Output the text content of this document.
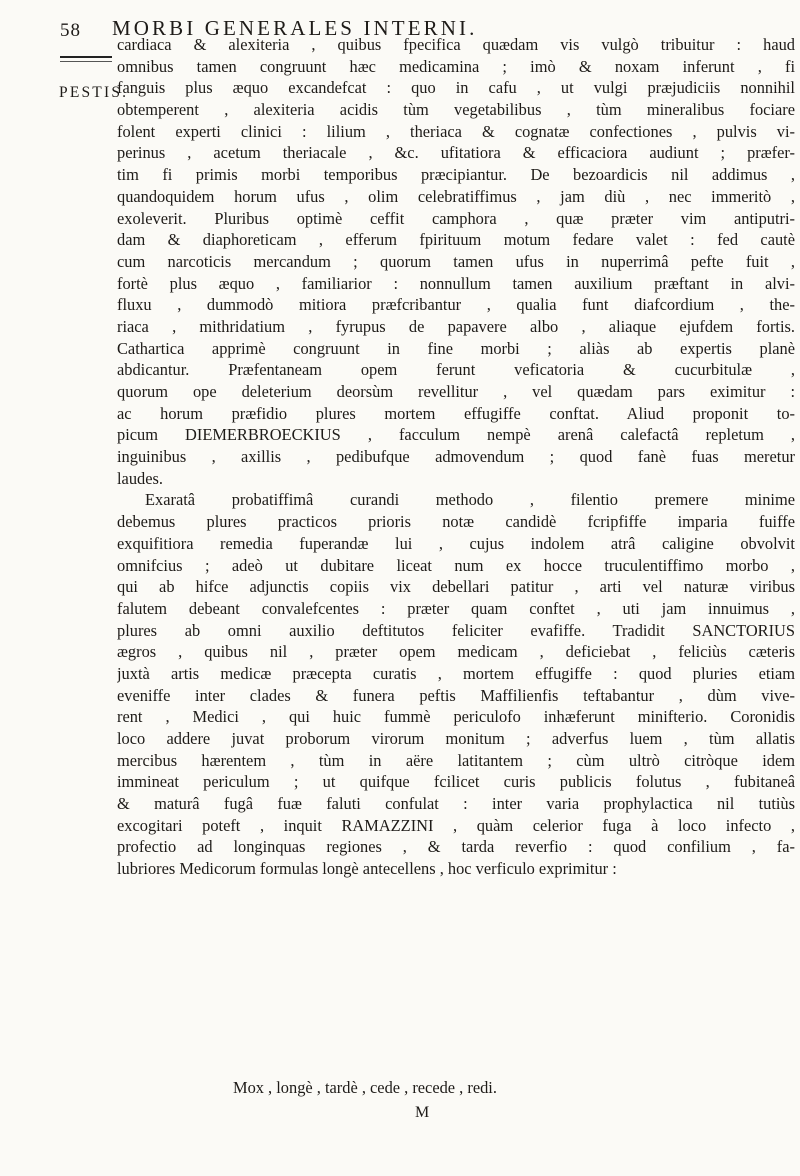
58 MORBI GENERALES INTERNI.
PESTIS.
cardiaca & alexiteria , quibus fpecifica quædam vis vulgò tribuitur : haud
omnibus tamen congruunt hæc medicamina ; imò & noxam inferunt , fi
fanguis plus æquo excandefcat : quo in cafu , ut vulgi præjudiciis nonnihil
obtemperent , alexiteria acidis tùm vegetabilibus , tùm mineralibus fociare
folent experti clinici : lilium , theriaca & cognatæ confectiones , pulvis vi-
perinus , acetum theriacale , &c. ufitatiora & efficaciora audiunt ; præfer-
tim fi primis morbi temporibus præcipiantur. De bezoardicis nil addimus ,
quandoquidem horum ufus , olim celebratiffimus , jam diù , nec immeritò ,
exoleverit. Pluribus optimè ceffit camphora , quæ præter vim antiputri-
dam & diaphoreticam , efferum fpirituum motum fedare valet : fed cautè
cum narcoticis mercandum ; quorum tamen ufus in nuperrimâ pefte fuit ,
fortè plus æquo , familiarior : nonnullum tamen auxilium præftant in alvi-
fluxu , dummodò mitiora præfcribantur , qualia funt diafcordium , the-
riaca , mithridatium , fyrupus de papavere albo , aliaque ejufdem fortis.
Cathartica apprimè congruunt in fine morbi ; aliàs ab expertis planè
abdicantur. Præfentaneam opem ferunt veficatoria & cucurbitulæ ,
quorum ope deleterium deorsùm revellitur , vel quædam pars eximitur :
ac horum præfidio plures mortem effugiffe conftat. Aliud proponit to-
picum DIEMERBROECKIUS , facculum nempè arenâ calefactâ repletum ,
inguinibus , axillis , pedibufque admovendum ; quod fanè fuas meretur
laudes.
Exaratâ probatiffimâ curandi methodo , filentio premere minime
debemus plures practicos prioris notæ candidè fcripfiffe imparia fuiffe
exquifitiora remedia fuperandæ lui , cujus indolem atrâ caligine obvolvit
omnifcius ; adeò ut dubitare liceat num ex hocce truculentiffimo morbo ,
qui ab hifce adjunctis copiis vix debellari patitur , arti vel naturæ viribus
falutem debeant convalefcentes : præter quam conftet , uti jam innuimus ,
plures ab omni auxilio deftitutos feliciter evafiffe. Tradidit SANCTORIUS
ægros , quibus nil , præter opem medicam , deficiebat , feliciùs cæteris
juxtà artis medicæ præcepta curatis , mortem effugiffe : quod pluries etiam
eveniffe inter clades & funera peftis Maffilienfis teftabantur , dùm vive-
rent , Medici , qui huic fummè periculofo inhæferunt minifterio. Coronidis
loco addere juvat proborum virorum monitum ; adverfus luem , tùm allatis
mercibus hærentem , tùm in aëre latitantem ; cùm ultrò citròque idem
immineat periculum ; ut quifque fcilicet curis publicis folutus , fubitaneâ
& maturâ fugâ fuæ faluti confulat : inter varia prophylactica nil tutiùs
excogitari poteft , inquit RAMAZZINI , quàm celerior fuga à loco infecto ,
profectio ad longinquas regiones , & tarda reverfio : quod confilium , fa-
lubriores Medicorum formulas longè antecellens , hoc verficulo exprimitur :
Mox , longè , tardè , cede , recede , redi.
M
